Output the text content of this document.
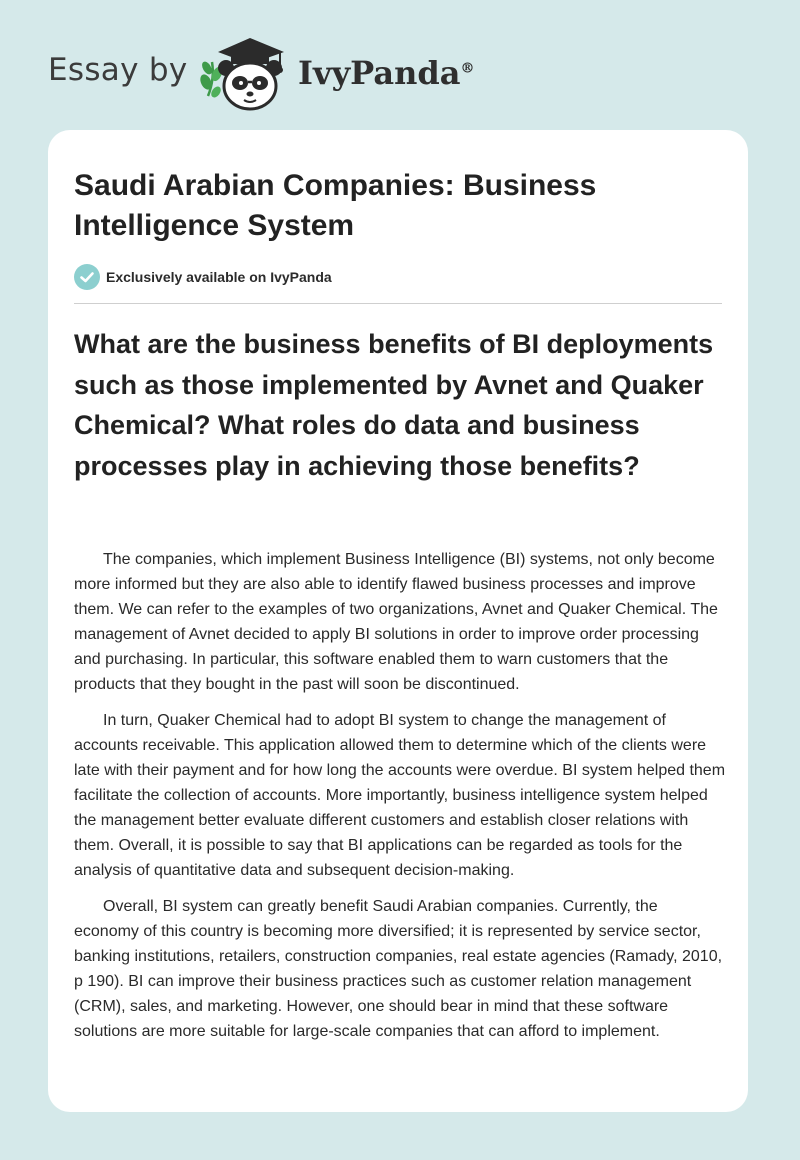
Essay by	IvyPanda®
Saudi Arabian Companies: Business Intelligence System
Exclusively available on IvyPanda
What are the business benefits of BI deployments such as those implemented by Avnet and Quaker Chemical? What roles do data and business processes play in achieving those benefits?

The companies, which implement Business Intelligence (BI) systems, not only become more informed but they are also able to identify flawed business processes and improve them. We can refer to the examples of two organizations, Avnet and Quaker Chemical. The management of Avnet decided to apply BI solutions in order to improve order processing and purchasing. In particular, this software enabled them to warn customers that the products that they bought in the past will soon be discontinued.

In turn, Quaker Chemical had to adopt BI system to change the management of accounts receivable. This application allowed them to determine which of the clients were late with their payment and for how long the accounts were overdue. BI system helped them facilitate the collection of accounts. More importantly, business intelligence system helped the management better evaluate different customers and establish closer relations with them. Overall, it is possible to say that BI applications can be regarded as tools for the analysis of quantitative data and subsequent decision-making.

Overall, BI system can greatly benefit Saudi Arabian companies. Currently, the economy of this country is becoming more diversified; it is represented by service sector, banking institutions, retailers, construction companies, real estate agencies (Ramady, 2010, p 190). BI can improve their business practices such as customer relation management (CRM), sales, and marketing. However, one should bear in mind that these software solutions are more suitable for large-scale companies that can afford to implement.
